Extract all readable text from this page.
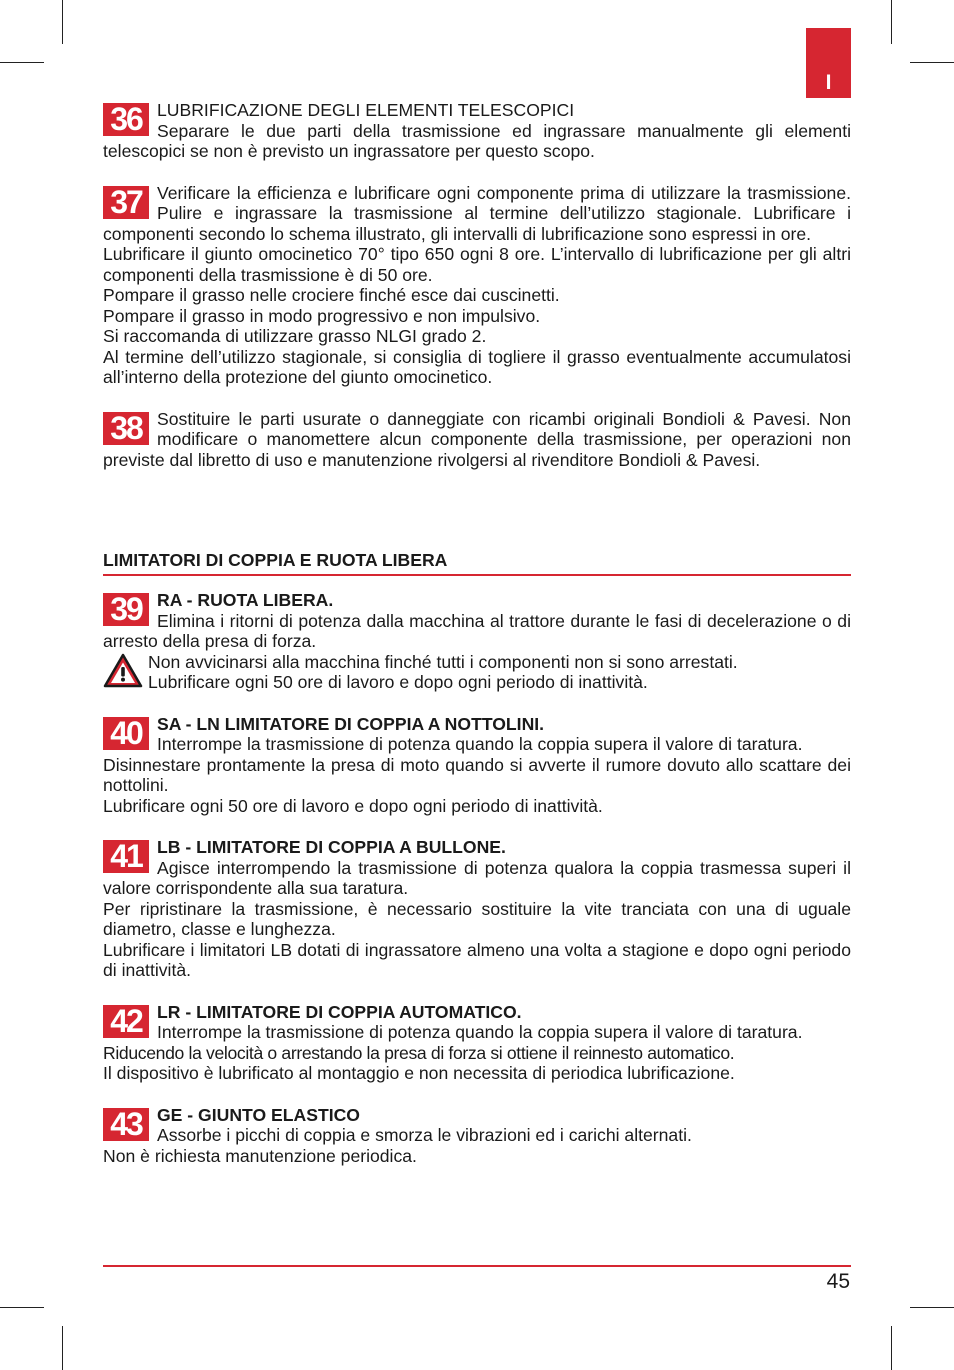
I
36 LUBRIFICAZIONE DEGLI ELEMENTI TELESCOPICI

Separare le due parti della trasmissione ed ingrassare manualmente gli elementi telescopici se non è previsto un ingrassatore per questo scopo.

37 Verificare la efficienza e lubrificare ogni componente prima di utilizzare la trasmissione. Pulire e ingrassare la trasmissione al termine dell’utilizzo stagionale. Lubrificare i componenti secondo lo schema illustrato, gli intervalli di lubrificazione sono espressi in ore.

Lubrificare il giunto omocinetico 70° tipo 650 ogni 8 ore. L’intervallo di lubrificazione per gli altri componenti della trasmissione è di 50 ore.

Pompare il grasso nelle crociere finché esce dai cuscinetti.

Pompare il grasso in modo progressivo e non impulsivo.

Si raccomanda di utilizzare grasso NLGI grado 2.

Al termine dell’utilizzo stagionale, si consiglia di togliere il grasso eventualmente accumulatosi all’interno della protezione del giunto omocinetico.

38 Sostituire le parti usurate o danneggiate con ricambi originali Bondioli & Pavesi. Non modificare o manomettere alcun componente della trasmissione, per operazioni non previste dal libretto di uso e manutenzione rivolgersi al rivenditore Bondioli & Pavesi.

LIMITATORI DI COPPIA E RUOTA LIBERA
39 RA - RUOTA LIBERA.

Elimina i ritorni di potenza dalla macchina al trattore durante le fasi di decelerazione o di arresto della presa di forza.

Non avvicinarsi alla macchina finché tutti i componenti non si sono arrestati.

Lubrificare ogni 50 ore di lavoro e dopo ogni periodo di inattività.

40 SA - LN LIMITATORE DI COPPIA A NOTTOLINI.

Interrompe la trasmissione di potenza quando la coppia supera il valore di taratura.

Disinnestare prontamente la presa di moto quando si avverte il rumore dovuto allo scattare dei nottolini.

Lubrificare ogni 50 ore di lavoro e dopo ogni periodo di inattività.

41 LB - LIMITATORE DI COPPIA A BULLONE.

Agisce interrompendo la trasmissione di potenza qualora la coppia trasmessa superi il valore corrispondente alla sua taratura.

Per ripristinare la trasmissione, è necessario sostituire la vite tranciata con una di uguale diametro, classe e lunghezza.

Lubrificare i limitatori LB dotati di ingrassatore almeno una volta a stagione e dopo ogni periodo di inattività.

42 LR - LIMITATORE DI COPPIA AUTOMATICO.

Interrompe la trasmissione di potenza quando la coppia supera il valore di taratura.

Riducendo la velocità o arrestando la presa di forza si ottiene il reinnesto automatico.

Il dispositivo è lubrificato al montaggio e non necessita di periodica lubrificazione.

43 GE - GIUNTO ELASTICO

Assorbe i picchi di coppia e smorza le vibrazioni ed i carichi alternati.

Non è richiesta manutenzione periodica.

45
